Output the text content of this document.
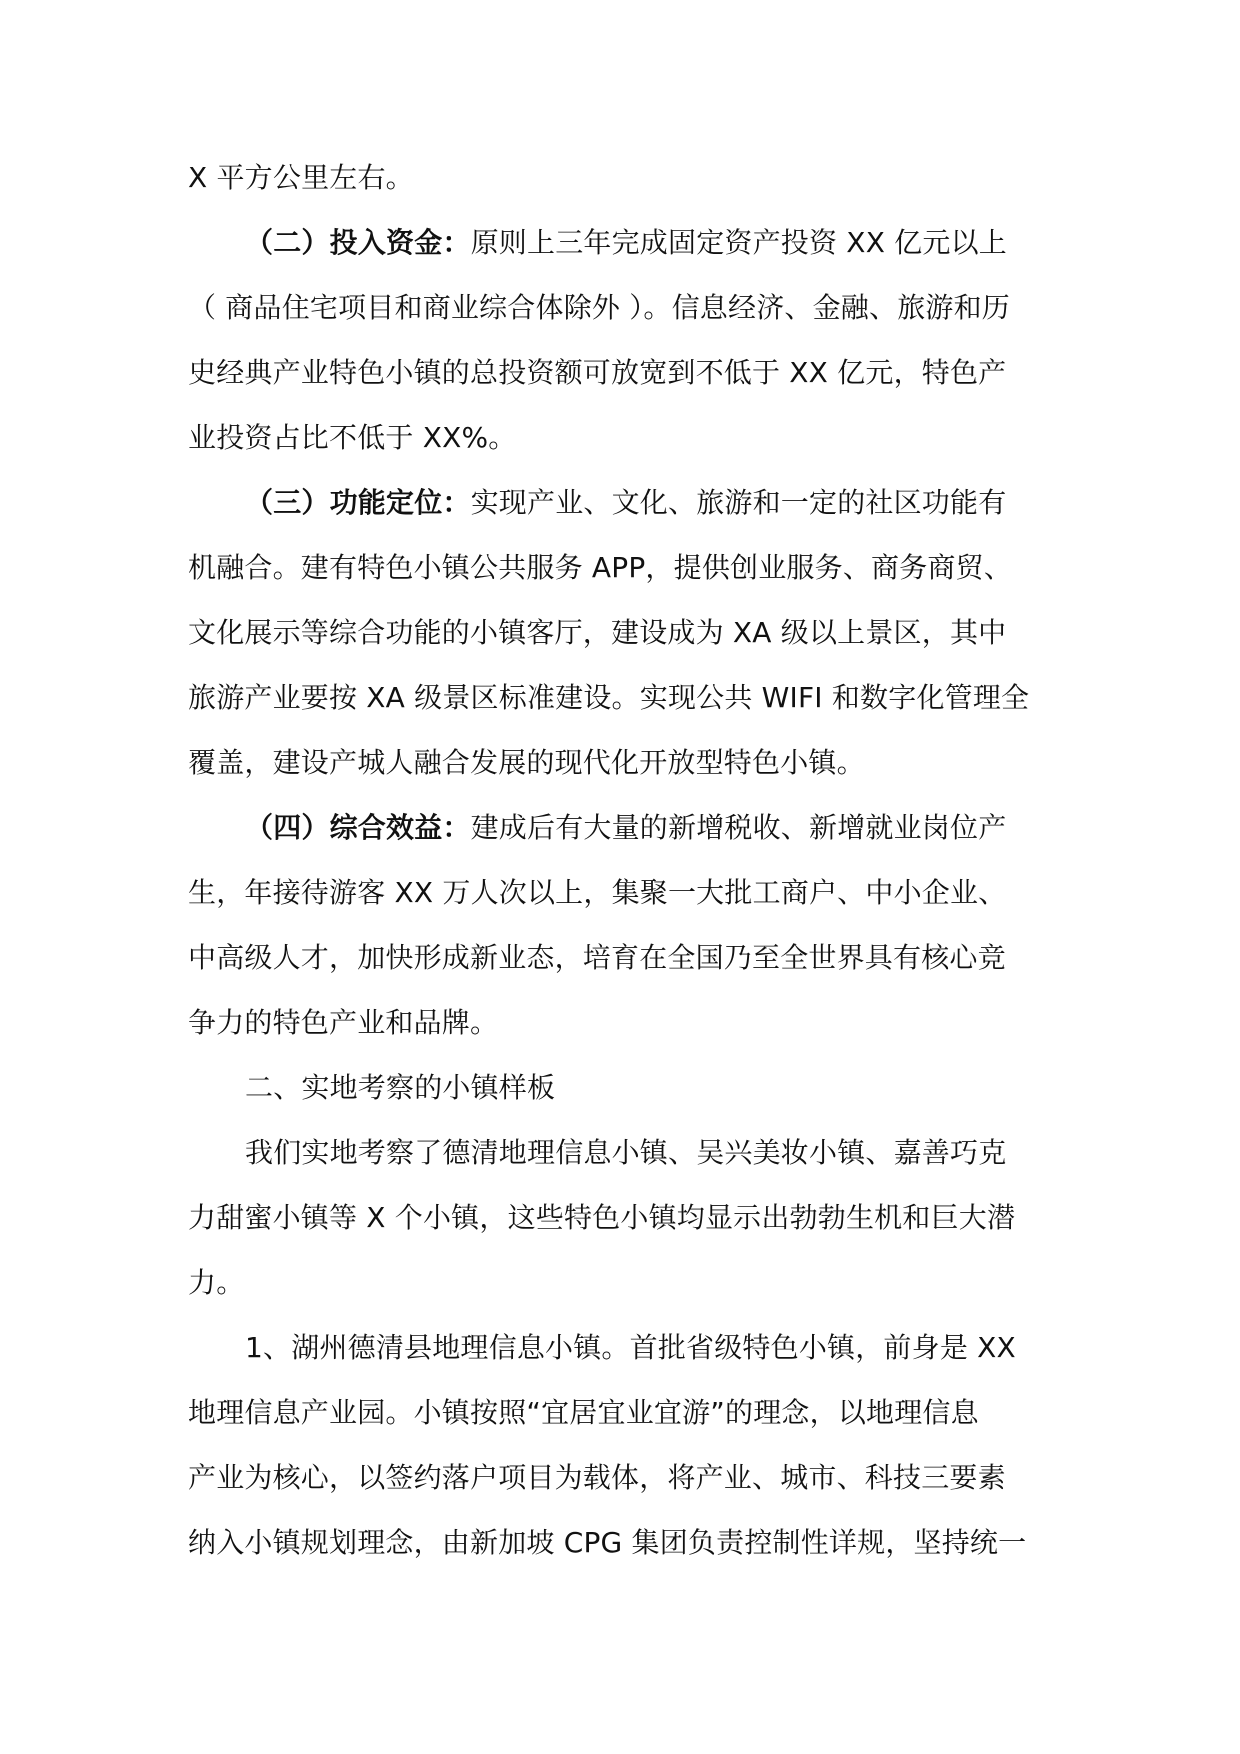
X 平方公里左右。
（二）投入资金：原则上三年完成固定资产投资 XX 亿元以上
（ 商品住宅项目和商业综合体除外 ）。信息经济、金融、旅游和历
史经典产业特色小镇的总投资额可放宽到不低于 XX 亿元，特色产
业投资占比不低于 XX%。
（三）功能定位：实现产业、文化、旅游和一定的社区功能有
机融合。建有特色小镇公共服务 APP，提供创业服务、商务商贸、
文化展示等综合功能的小镇客厅，建设成为 XA 级以上景区，其中
旅游产业要按 XA 级景区标准建设。实现公共 WIFI 和数字化管理全
覆盖，建设产城人融合发展的现代化开放型特色小镇。
（四）综合效益：建成后有大量的新增税收、新增就业岗位产
生，年接待游客 XX 万人次以上，集聚一大批工商户、中小企业、
中高级人才，加快形成新业态，培育在全国乃至全世界具有核心竞
争力的特色产业和品牌。
二、实地考察的小镇样板
我们实地考察了德清地理信息小镇、吴兴美妆小镇、嘉善巧克
力甜蜜小镇等 X 个小镇，这些特色小镇均显示出勃勃生机和巨大潜
力。
1、湖州德清县地理信息小镇。首批省级特色小镇，前身是 XX
地理信息产业园。小镇按照“宜居宜业宜游”的理念，以地理信息
产业为核心，以签约落户项目为载体，将产业、城市、科技三要素
纳入小镇规划理念，由新加坡 CPG 集团负责控制性详规，坚持统一
